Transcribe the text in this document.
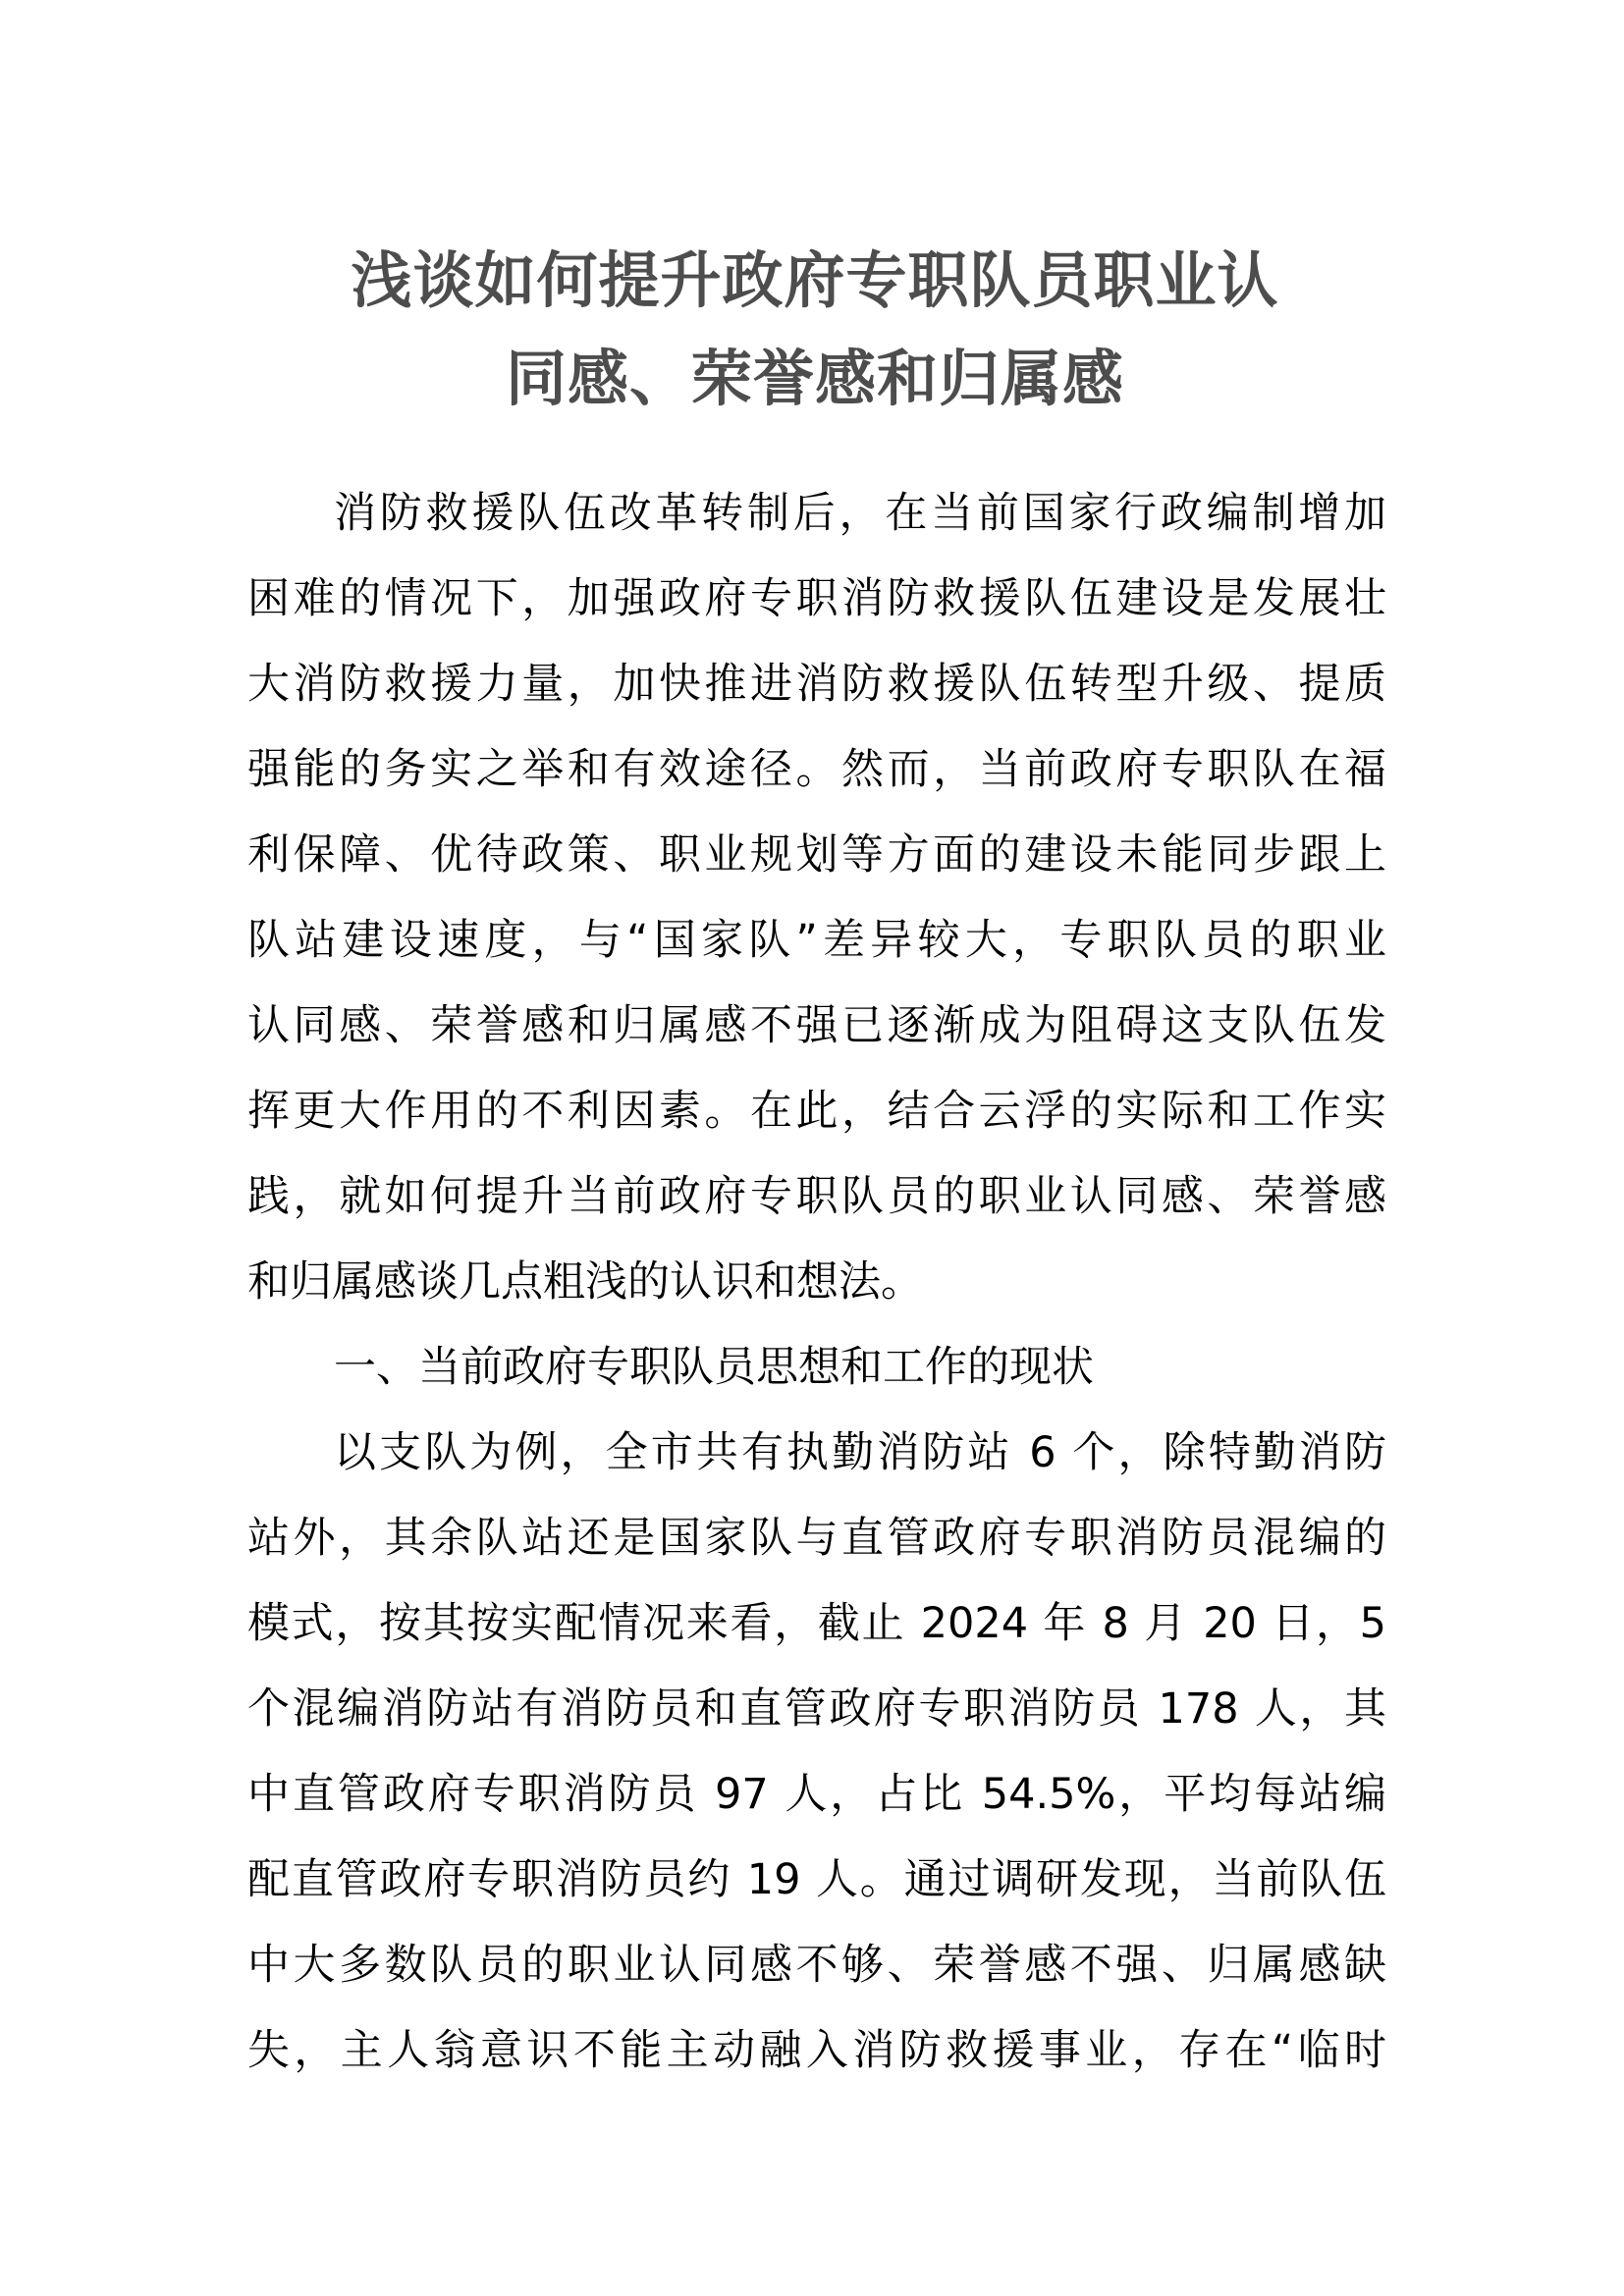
浅谈如何提升政府专职队员职业认
同感、荣誉感和归属感
消防救援队伍改革转制后，在当前国家行政编制增加
困难的情况下，加强政府专职消防救援队伍建设是发展壮
大消防救援力量，加快推进消防救援队伍转型升级、提质
强能的务实之举和有效途径。然而，当前政府专职队在福
利保障、优待政策、职业规划等方面的建设未能同步跟上
队站建设速度，与“国家队”差异较大，专职队员的职业
认同感、荣誉感和归属感不强已逐渐成为阻碍这支队伍发
挥更大作用的不利因素。在此，结合云浮的实际和工作实
践，就如何提升当前政府专职队员的职业认同感、荣誉感
和归属感谈几点粗浅的认识和想法。
一、当前政府专职队员思想和工作的现状
以支队为例，全市共有执勤消防站 6 个，除特勤消防
站外，其余队站还是国家队与直管政府专职消防员混编的
模式，按其按实配情况来看，截止 2024 年 8 月 20 日，5
个混编消防站有消防员和直管政府专职消防员 178 人，其
中直管政府专职消防员 97 人，占比 54.5%，平均每站编
配直管政府专职消防员约 19 人。通过调研发现，当前队伍
中大多数队员的职业认同感不够、荣誉感不强、归属感缺
失，主人翁意识不能主动融入消防救援事业，存在“临时
